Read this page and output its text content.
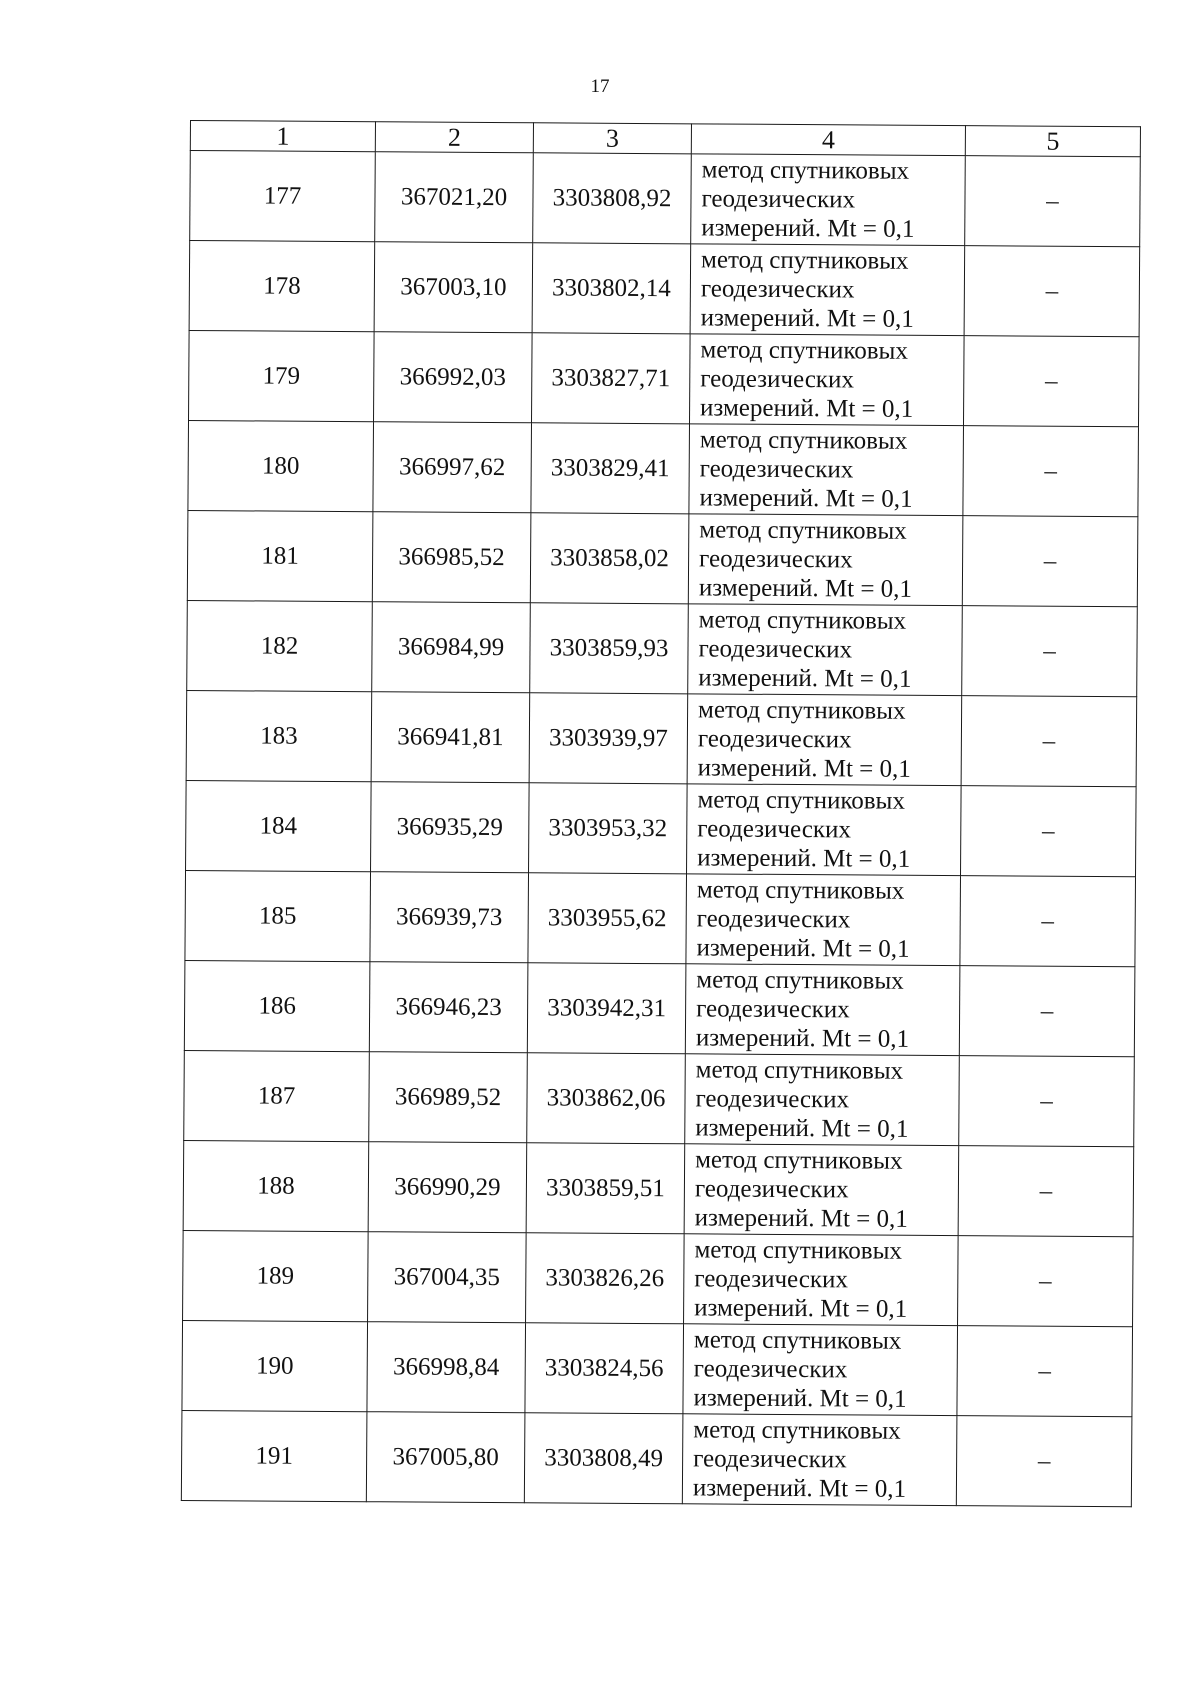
17
1	2	3	4	5
177	367021,20	3303808,92	метод спутниковых
геодезических
измерений. Mt = 0,1	–
178	367003,10	3303802,14	метод спутниковых
геодезических
измерений. Mt = 0,1	–
179	366992,03	3303827,71	метод спутниковых
геодезических
измерений. Mt = 0,1	–
180	366997,62	3303829,41	метод спутниковых
геодезических
измерений. Mt = 0,1	–
181	366985,52	3303858,02	метод спутниковых
геодезических
измерений. Mt = 0,1	–
182	366984,99	3303859,93	метод спутниковых
геодезических
измерений. Mt = 0,1	–
183	366941,81	3303939,97	метод спутниковых
геодезических
измерений. Mt = 0,1	–
184	366935,29	3303953,32	метод спутниковых
геодезических
измерений. Mt = 0,1	–
185	366939,73	3303955,62	метод спутниковых
геодезических
измерений. Mt = 0,1	–
186	366946,23	3303942,31	метод спутниковых
геодезических
измерений. Mt = 0,1	–
187	366989,52	3303862,06	метод спутниковых
геодезических
измерений. Mt = 0,1	–
188	366990,29	3303859,51	метод спутниковых
геодезических
измерений. Mt = 0,1	–
189	367004,35	3303826,26	метод спутниковых
геодезических
измерений. Mt = 0,1	–
190	366998,84	3303824,56	метод спутниковых
геодезических
измерений. Mt = 0,1	–
191	367005,80	3303808,49	метод спутниковых
геодезических
измерений. Mt = 0,1	–
